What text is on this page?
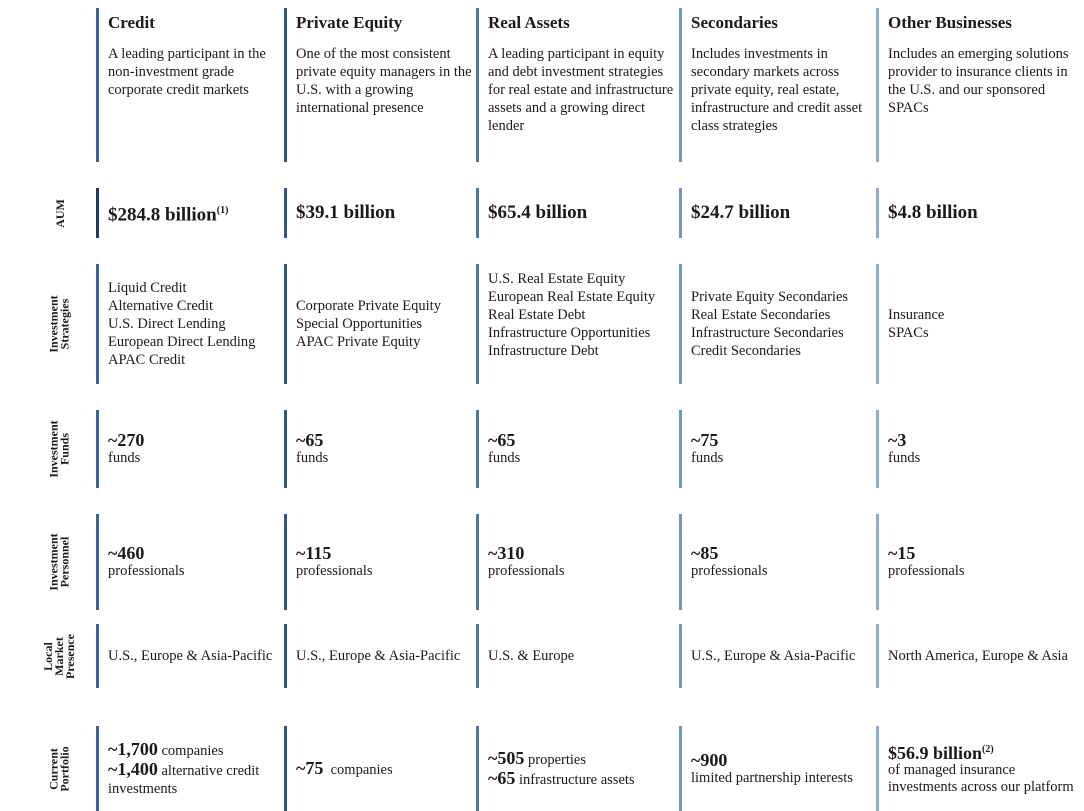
AUM
Investment
Strategies
Investment
Funds
Investment
Personnel
Local
Market
Presence
Current
Portfolio
Credit
A leading participant in the non-investment grade corporate credit markets
$284.8 billion$^{(1)}$
Liquid Credit
Alternative Credit
U.S. Direct Lending
European Direct Lending
APAC Credit
~270
funds
~460
professionals
U.S., Europe & Asia-Pacific
~1,700 companies
~1,400 alternative credit investments
Private Equity
One of the most consistent private equity managers in the U.S. with a growing international presence
$39.1 billion
Corporate Private Equity
Special Opportunities
APAC Private Equity
~65
funds
~115
professionals
U.S., Europe & Asia-Pacific
~75 companies
Real Assets
A leading participant in equity and debt investment strategies for real estate and infrastructure assets and a growing direct lender
$65.4 billion
U.S. Real Estate Equity
European Real Estate Equity
Real Estate Debt
Infrastructure Opportunities
Infrastructure Debt
~65
funds
~310
professionals
U.S. & Europe
~505 properties
~65 infrastructure assets
Secondaries
Includes investments in secondary markets across private equity, real estate, infrastructure and credit asset class strategies
$24.7 billion
Private Equity Secondaries
Real Estate Secondaries
Infrastructure Secondaries
Credit Secondaries
~75
funds
~85
professionals
U.S., Europe & Asia-Pacific
~900
limited partnership interests
Other Businesses
Includes an emerging solutions provider to insurance clients in the U.S. and our sponsored SPACs
$4.8 billion
Insurance
SPACs
~3
funds
~15
professionals
North America, Europe & Asia
$56.9 billion$^{(2)}$
of managed insurance investments across our platform
